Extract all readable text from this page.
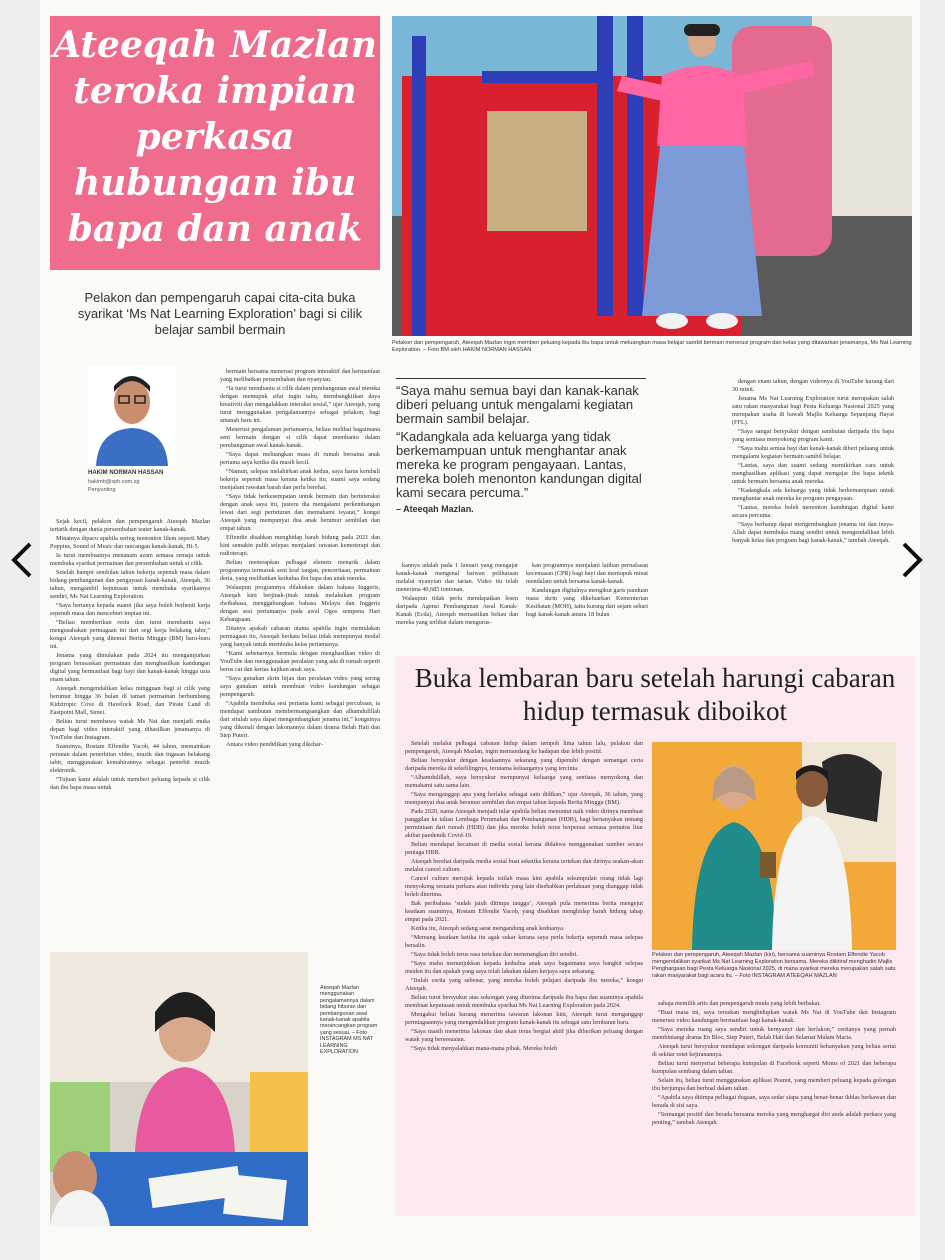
Ateeqah Mazlan teroka impian perkasa hubungan ibu bapa dan anak
Pelakon dan pempengaruh capai cita-cita buka syarikat ‘Ms Nat Learning Exploration’ bagi si cilik belajar sambil bermain
Pelakon dan pempengaruh, Ateeqah Mazlan ingin memberi peluang kepada ibu bapa untuk meluangkan masa belajar sambil bermain menerusi program dan kelas yang ditawarkan jenamanya, Ms Nat Learning Exploration. – Foto BM oleh HAKIM NORMAN HASSAN
HAKIM NORMAN HASSAN
hakimh@sph.com.sg
Penyunting

Sejak kecil, pelakon dan pempengaruh Ateeqah Mazlan tertarik dengan dunia persembahan teater kanak-kanak.

Minatnya dipacu apabila sering menonton filem seperti Mary Poppins, Sound of Music dan rancangan kanak-kanak, Hi-5.

Ia turut membuatnya menanam azam semasa remaja untuk membuka syarikat permainan dan persembahan untuk si cilik.

Setelah hampir sembilan tahun bekerja sepenuh masa dalam bidang pembangunan dan pengayaan kanak-kanak, Ateeqah, 36 tahun, mengambil keputusan untuk membuka syarikatnya sendiri, Ms Nat Learning Exploration.

“Saya bertanya kepada suami jika saya boleh berhenti kerja sepenuh masa dan menceburi impian ini.

“Beliau memberikan restu dan turut membantu saya mengusahakan perniagaan ini dari segi kerja belakang tabir,” kongsi Ateeqah yang ditemui Berita Minggu (BM) baru-baru ini.

Jenama yang dimulakan pada 2024 itu mengamjurkan program berasaskan permainan dan menghasilkan kandungan digital yang bermanfaat bagi bayi dan kanak-kanak hingga usia enam tahun.

Ateeqah mengendalikan kelas mingguan bagi si cilik yang berumur hingga 36 bulan di taman permainan berbumbung Kidztropic Cove di Havelock Road, dan Pirate Land di Eastpoint Mall, Simei.

Beliau turut membawa watak Ms Nat dan menjadi muka depan bagi video interaktif yang dihasilkan jenamanya di YouTube dan Instagram.

Suaminya, Rostam Effendie Yacob, 44 tahun, memainkan peranan dalam penerbitan video, muzik dan tugasan belakang tabir, menggunakan kemahirannya sebagai penerbit muzik elektronik.

“Tujuan kami adalah untuk memberi peluang kepada si cilik dan ibu bapa masa untuk

bermain bersama menerusi program interaktif dan bermanfaat yang melibatkan persembahan dan nyanyian.

“Ia turut membantu si cilik dalam pembangunan awal mereka dengan memupuk sifat ingin tahu, membangkitkan daya kreativiti dan mengalakkan interaksi sosial,” ujar Ateeqah, yang turut menggunakan pengalamannya sebagai pelakon, bagi amanah baru ini.

Menerusi pengalaman pertamanya, beliau melihat bagaimana seni bermain dengan si cilik dapat membantu dalam pembangunan awal kanak-kanak.

“Saya dapat meluangkan masa di rumah bersama anak pertama saya ketika dia masih kecil.

“Namun, selepas melahirkan anak kedua, saya harus kembali bekerja sepenuh masa kerana ketika itu, suami saya sedang menjalani rawatan barah dan perlu berehat.

“Saya tidak berkesempatan untuk bermain dan berinteraksi dengan anak saya itu, justeru dia mengalami perkembangan lewat dari segi pertuturan dan memahami isyarat,” kongsi Ateeqah yang mempunyai dua anak berumur sembilan dan empat tahun.

Effendie disahkan menghidap barah hidung pada 2021 dan kini semakin pulih selepas menjalani rawatan kemoterapi dan radioterapi.

Beliau menerapkan pelbagai elemen menarik dalam programnya termasuk seni kraf tangan, penceritaan, permainan deria, yang melibatkan kedudua ibu bapa dan anak mereka.

Walaupun programnya dilakukan dalam bahasa Inggeris, Ateeqah kini berjinak-jinak untuk melakukan program dwibahasa, menggabungkan bahasa Melayu dan Inggeris dengan sesi pertamanya pada awal Ogos sempena Hari Kebangsaan.

Ditanya apakah cabaran utama apabila ingin memulakan perniagaan itu, Ateeqah berkata beliau tidak mempunyai modal yang banyak untuk membuka kelas pertamanya.

“Kami sebenarnya bermula dengan menghasilkan video di YouTube dan menggunakan peralatan yang ada di rumah seperti berus cat dan kertas kajikan anak saya.

“Saya gunakan skrin hijau dan peralatan video yang sering saya gunakan untuk membuat video kandungan sebagai pempengaruh.

“Apabila membuka sesi pertama kami sebagai percubaan, ia mendapat sambutan membermangsangkan dan alhamdulillah dari situlah saya dapat mengembangkan jenama ini,” kongsinya yang dikenali dengan lakonannya dalam drama Belah Hati dan Step Puteri.

Antara video pendidikan yang dikehar-

“Saya mahu semua bayi dan kanak-kanak diberi peluang untuk mengalami kegiatan bermain sambil belajar.

“Kadangkala ada keluarga yang tidak berkemampuan untuk menghantar anak mereka ke program pengayaan. Lantas, mereka boleh menonton kandungan digital kami secara percuma.”

– Ateeqah Mazlan.

kannya adalah pada 1 Januari yang mengajar kanak-kanak mengenal haiwan peliharaan melalui nyanyian dan tarian. Video itu telah menerima 40,685 tontonan.

Walaupun tidak perlu mendapatkan lesen daripada Agensi Pembangunan Awal Kanak-Kanak (Ecda), Ateeqah memastikan beliau dan mereka yang terlibat dalam mengurus-

kan programnya menjalani latihan pernafasan kecemasan (CPR) bagi bayi dan memupuk minat mendalam untuk bersama kanak-kanak.

Kandungan digitalnya mengikut garis panduan masa skrin yang dikeluarkan Kementerian Kesihatan (MOH), iaitu kurang dari sejam sehari bagi kanak-kanak antara 18 bulan

dengan enam tahun, dengan videonya di YouTube kurang dari 30 minit.

Jenama Ms Nat Learning Exploration turut merupakan salah satu rakan masyarakat bagi Pesta Keluarga Nasional 2025 yang merupakan usaha di bawah Majlis Keluarga Sepanjang Hayat (FFL).

“Saya sangat bersyukur dengan sambutan daripada ibu bapa yang sentiasa menyokong program kami.

“Saya mahu semua bayi dan kanak-kanak diberi peluang untuk mengalami kegiatan bermain sambil belajar.

“Lantas, saya dan suami sedang memikirkan cara untuk menghasilkan aplikasi yang dapat mengajar ibu bapa teknik untuk bermain bersama anak mereka.

“Kadangkala ada keluarga yang tidak berkemampuan untuk menghantar anak mereka ke program pengayaan.

“Lantas, mereka boleh menonton kandungan digital kami secara percuma.

“Saya berharap dapat mengembangkan jenama ini dan insya-Allah dapat membuka ruang sendiri untuk mengendalikan lebih banyak kelas dan program bagi kanak-kanak,” tambah Ateeqah.

Ateeqah Mazlan menggunakan pengalamannya dalam bidang hiburan dan pembangunan awal kanak-kanak apabila merancangkan program yang sesuai. – Foto INSTAGRAM MS NAT LEARNING EXPLORATION
Buka lembaran baru setelah harungi cabaran hidup termasuk diboikot

Setelah melalui pelbagai cabaran hidup dalam tempoh lima tahun lalu, pelakon dan pempengaruh, Ateeqah Mazlan, ingin memandang ke hadapan dan lebih positif.

Beliau bersyukur dengan keadaannya sekarang yang dipenuhi dengan semangat ceria daripada mereka di sekelilingnya, terutama keluarganya yang tercinta.

“Alhamdulillah, saya bersyukur mempunyai keluarga yang sentiasa menyokong dan memahami satu sama lain.

“Saya menganggap apa yang berlaku sebagai satu didikan,” ujar Ateeqah, 36 tahun, yang mempunyai dua anak berumur sembilan dan empat tahun kepada Berita Minggu (BM).

Pada 2020, nama Ateeqah menjadi tular apabila beliau menuntut naik video dirinya membuat panggilan ke talian Lembaga Perumahan dan Pembangunan (HDB), bagi bertanyakan tentang permintaan dari rumah (HDB) dan jika mereka boleh terus berperasi semasa pemutus litar akibat pandemik Covid-19.

Beliau mendapat kecaman di media sosial kerana didakwa menggunakan sumber secara peniaga HBB.

Ateeqah berehat daripada media sosial buat seketika kerana tertekan dan dirinya seakan-akan melalui cancel culture.

Cancel culture merujuk kepada istilah masa kini apabila sekumpulan orang tidak lagi menyokong sesuatu perkara atau individu yang lain disebabkan perlakuan yang dianggap tidak boleh diterima.

Bak peribahasa ‘sudah jatuh ditimpa tangga’, Ateeqah pula menerima berita mengejut keadaan suaminya, Rostam Effendie Yacob, yang disahkan menghidap barah hidung tahap empat pada 2021.

Ketika itu, Ateeqah sedang sarat mengandung anak keduanya.

“Memang keadaan ketika itu agak sukar kerana saya perlu bekerja sepenuh masa selepas bersalin.

“Saya tidak boleh terus rasa tertekan dan menenangkan diri sendiri.

“Saya mahu menunjukkan kepada kedudua anak saya bagaimana saya bangkit selepas insiden itu dan apakah yang saya telah lakukan dalam kerjaya saya sekarang.

“Itulah cerita yang sebenar, yang mereka boleh pelajari daripada ibu mereka,” kongsi Ateeqah.

Beliau turut bersyukur atas sokongan yang diterima daripada ibu bapa dan suaminya apabila membuat keputusan untuk membuka syarikat Ms Nat Learning Exploration pada 2024.

Mengakui beliau kurang menerima tawaran lakonan kini, Ateeqah turut menganggap permiagaannya yang mengendalikan program kanak-kanak itu sebagai satu lembaran baru.

“Saya masih menerima lakonan dan akan terus bergiat aktif jika diberikan peluang dengan watak yang bersesuaian.

“Saya tidak menyalahkan mana-mana pihak. Mereka boleh

Pelakon dan pempengaruh, Ateeqah Mazlan (kiri), bersama suaminya Rostam Effendie Yacob mengendalikan syarikat Ms Nat Learning Exploration bersama. Mereka diiktiraf menghadiri Majlis Penghargaan bagi Pesta Keluarga Nasional 2025, di mana syarikat mereka merupakan salah satu rakan masyarakat bagi acara itu. – Foto INSTAGRAM ATEEQAH MAZLAN

sahaja memilih artis dan pempengaruh muda yang lebih berbakat.

“Buat masa ini, saya teruskan menghidupkan watak Ms Nat di YouTube dan Instagram menerusi video kandungan bermanfaat bagi kanak-kanak.

“Saya mereka ruang saya sendiri untuk bernyanyi dan berlakon,” ceritanya yang pernah membintangi drama En Bloc, Step Puteri, Belah Hati dan Selamat Malam Maria.

Ateeqah turut bersyukur mendapat sokongan daripada komuniti kebanyakan yang beliau sertai di sekitar estet kejiranannya.

Beliau turut menyertai beberapa kumpulan di Facebook seperti Moms of 2021 dan beberapa kumpulan sembang dalam talian.

Selain itu, beliau turut menggunakan aplikasi Peanut, yang memberi peluang kepada golongan ibu berjumpa dan berbual dalam talian.

“Apabila saya ditimpa pelbagai dugaan, saya sedar siapa yang benar-benar ikhlas berkawan dan berada di sisi saya.

“Semangat positif dan berada bersama mereka yang menghargai diri anda adalah perkara yang penting,” tambah Ateeqah.
